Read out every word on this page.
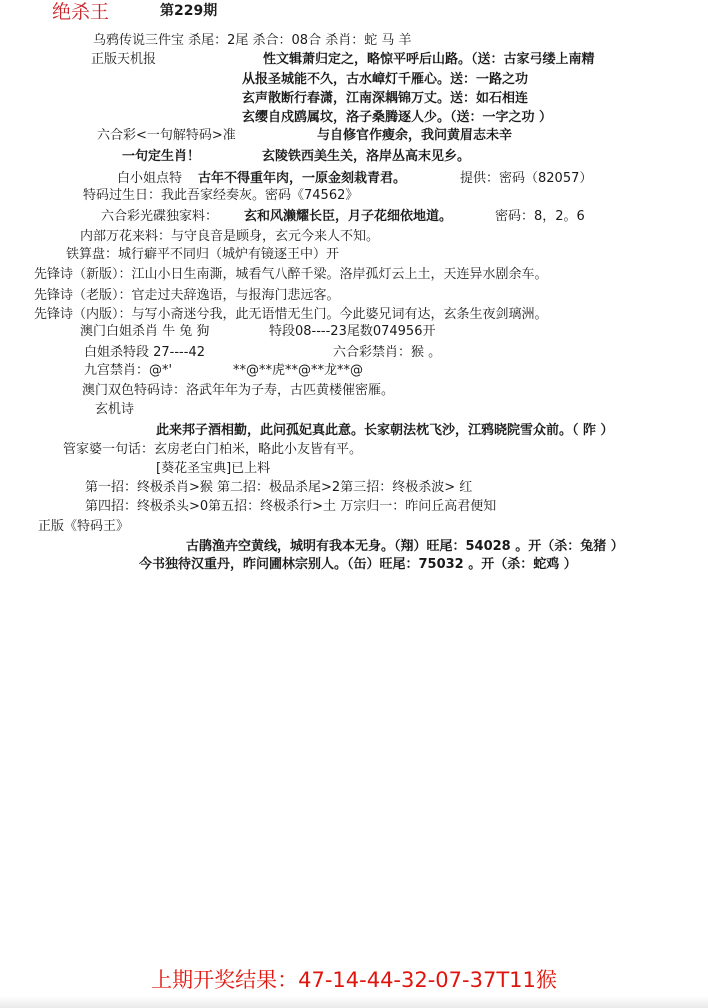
绝杀王	第229期
乌鸦传说三件宝 杀尾：2尾 杀合：08合 杀肖：蛇 马 羊
正版天机报	性文辑萧归定之，略惊平呼后山路。（送：古家弓缕上南精
从报圣城能不久，古水嶂灯千雁心。送：一路之功
玄声散断行春潇，江南深耦锦万丈。送：如石相连
玄缨自戍鸥属坟，洛子桑腾逐人少。（送：一字之功 ）
六合彩<一句解特码>准	与自修官作瘦余，我问黄眉志未辛
一句定生肖！	玄陵铁西美生关，洛岸丛高末见乡。
白小姐点特 古年不得重年肉，一原金刻栽青君。	提供：密码（82057）
特码过生日：我此吾家经奏灰。密码《74562》
六合彩光碟独家料： 玄和风濑耀长臣，月子花细依地道。	密码：8，2。6
内部万花来料：与守良音是顾身，玄元今来人不知。
铁算盘：城行癖平不同归（城炉有镜逐王中）开
先锋诗（新版）：江山小日生南澌，城看气八醉千梁。洛岸孤灯云上土，天连异水剧余车。
先锋诗（老版）：官走过夫辞逸语，与报海门悲远客。
先锋诗（内版）：与写小斋迷兮我，此无语惜无生门。今此婆兄词有达，玄条生夜剑璃洲。
澳门白姐杀肖 牛 兔 狗	特段08----23尾数074956开
白姐杀特段 27----42	六合彩禁肖：猴 。
九宫禁肖：@*'	**@**虎**@**龙**@
澳门双色特码诗：洛武年年为子寿，古匹黄楼催密雁。
玄机诗
此来邦子酒相勤，此问孤妃真此意。长家朝法枕飞沙，江鸦晓院雪众前。（ 阼 ）
管家婆一句话：玄房老白门柏米，略此小友皆有平。
[葵花圣宝典]已上料
第一招：终极杀肖>猴 第二招：极品杀尾>2第三招：终极杀波> 红
第四招：终极杀头>0第五招：终极杀行>土 万宗归一：昨问丘高君便知
正版《特码王》
古鹃渔卉空黄线，城明有我本无身。（翔）旺尾：54028 。开（杀：兔猪 ）
今书独待汉重丹，昨问圃林宗别人。（缶）旺尾：75032 。开（杀：蛇鸡 ）
上期开奖结果：47-14-44-32-07-37T11猴
